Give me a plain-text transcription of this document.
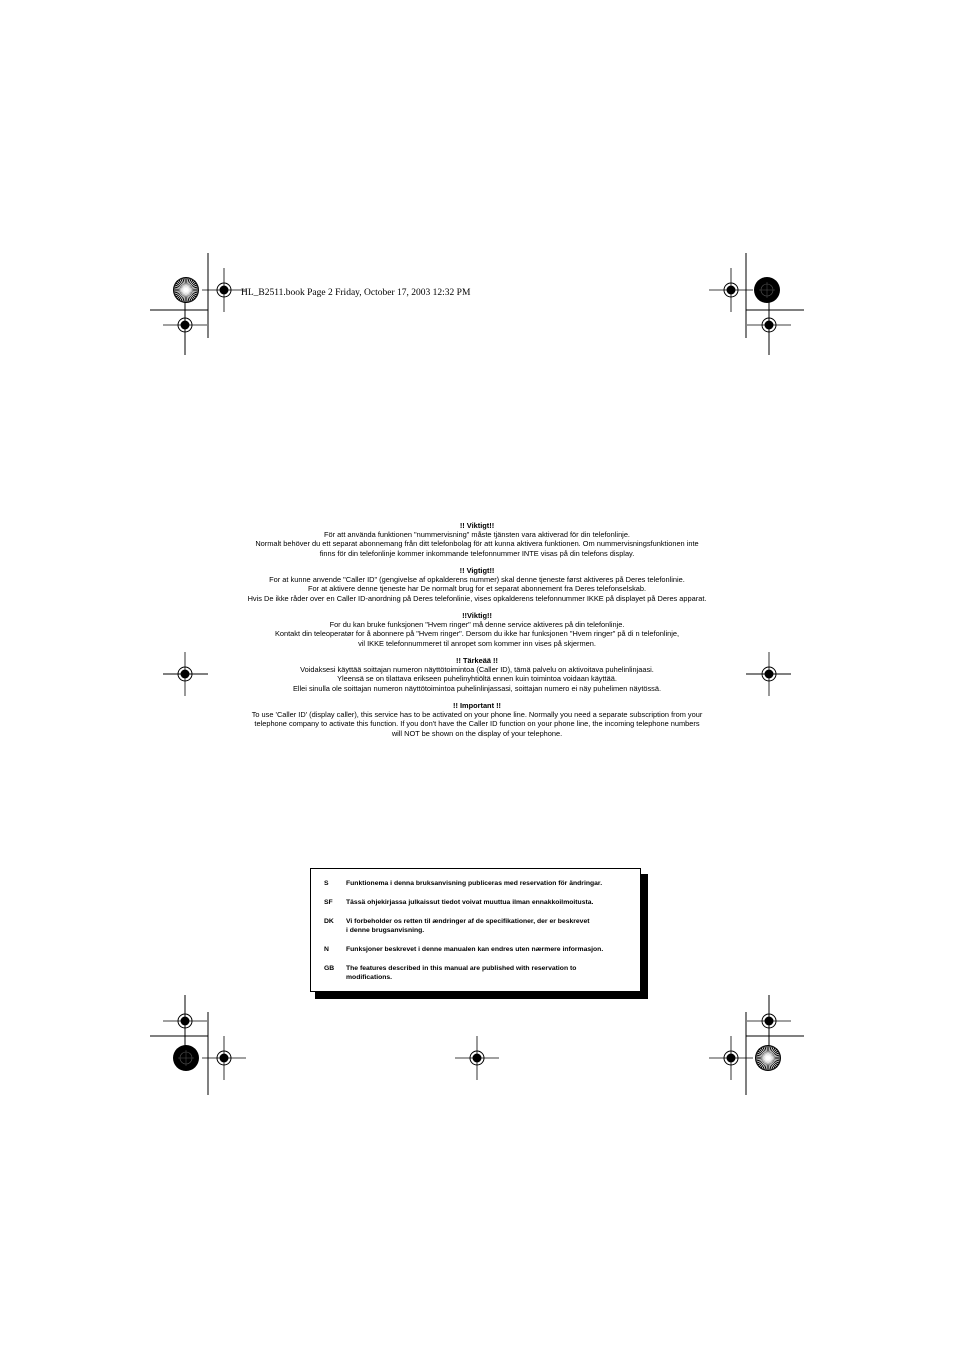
HL_B2511.book Page 2 Friday, October 17, 2003 12:32 PM

!! Viktigt!!

För att använda funktionen "nummervisning" måste tjänsten vara aktiverad för din telefonlinje.

Normalt behöver du ett separat abonnemang från ditt telefonbolag för att kunna aktivera funktionen. Om nummervisningsfunktionen inte

finns för din telefonlinje kommer inkommande telefonnummer INTE visas på din telefons display.

!! Vigtigt!!

For at kunne anvende "Caller ID" (gengivelse af opkalderens nummer) skal denne tjeneste først aktiveres på Deres telefonlinie.

For at aktivere denne tjeneste har De normalt brug for et separat abonnement fra Deres telefonselskab.

Hvis De ikke råder over en Caller ID-anordning på Deres telefonlinie, vises opkalderens telefonnummer IKKE på displayet på Deres apparat.

!!Viktig!!

For du kan bruke funksjonen "Hvem ringer" må denne service aktiveres på din telefonlinje.

Kontakt din teleoperatør for å abonnere på "Hvem ringer". Dersom du ikke har funksjonen "Hvem ringer" på di n telefonlinje,

vil IKKE telefonnummeret til anropet som kommer inn vises på skjermen.

!! Tärkeää !!

Voidaksesi käyttää soittajan numeron näyttötoimintoa (Caller ID), tämä palvelu on aktivoitava puhelinlinjaasi.

Yleensä se on tilattava erikseen puhelinyhtiöltä ennen kuin toimintoa voidaan käyttää.

Ellei sinulla ole soittajan numeron näyttötoimintoa puhelinlinjassasi, soittajan numero ei näy puhelimen näytössä.

!! Important !!

To use 'Caller ID' (display caller), this service has to be activated on your phone line. Normally you need a separate subscription from your

telephone company to activate this function. If you don't have the Caller ID function on your phone line, the incoming telephone numbers

will NOT be shown on the display of your telephone.

S	Funktionema i denna bruksanvisning publiceras med reservation för ändringar.
SF	Tässä ohjekirjassa julkaissut tiedot voivat muuttua ilman ennakkoilmoitusta.
DK	Vi forbeholder os retten til ændringer af de specifikationer, der er beskrevet
i denne brugsanvisning.
N	Funksjoner beskrevet i denne manualen kan endres uten nærmere informasjon.
GB	The features described in this manual are published with reservation to
modifications.
